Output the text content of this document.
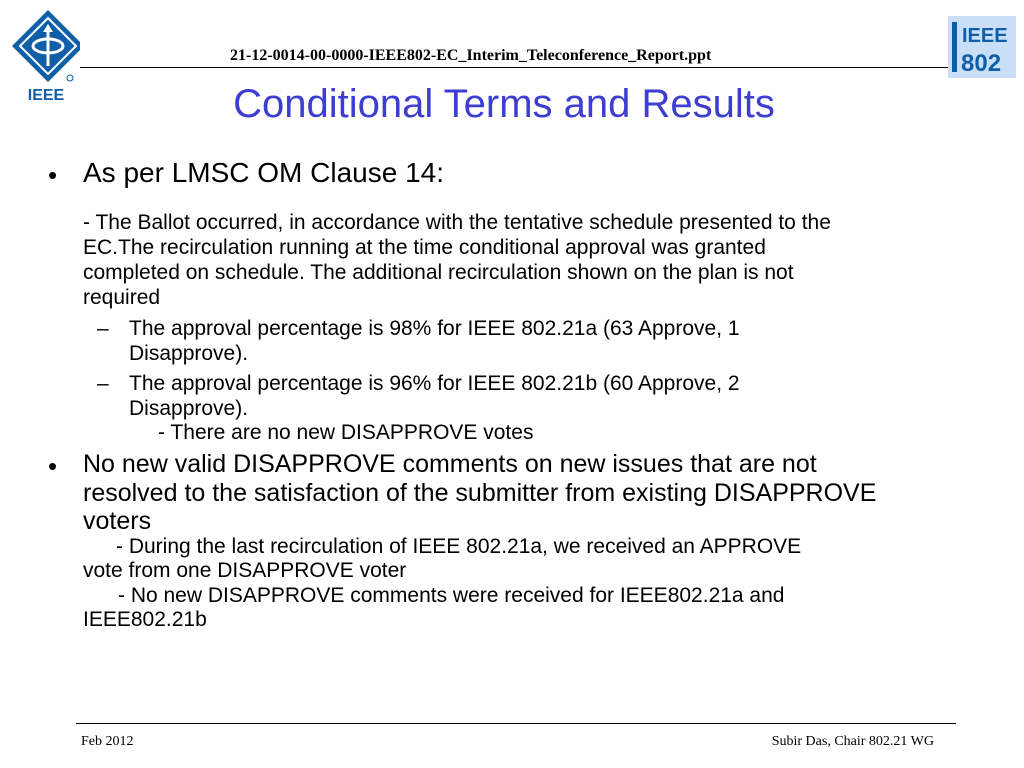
IEEE
21-12-0014-00-0000-IEEE802-EC_Interim_Teleconference_Report.ppt
IEEE
802
Conditional Terms and Results
• As per LMSC OM Clause 14:
- The Ballot occurred, in accordance with the tentative schedule presented to the
EC.The recirculation running at the time conditional approval was granted
completed on schedule. The additional recirculation shown on the plan is not
required
– The approval percentage is 98% for IEEE 802.21a (63 Approve, 1
Disapprove).
– The approval percentage is 96% for IEEE 802.21b (60 Approve, 2
Disapprove).
- There are no new DISAPPROVE votes
• No new valid DISAPPROVE comments on new issues that are not
resolved to the satisfaction of the submitter from existing DISAPPROVE
voters
- During the last recirculation of IEEE 802.21a, we received an APPROVE
vote from one DISAPPROVE voter
- No new DISAPPROVE comments were received for IEEE802.21a and
IEEE802.21b
Feb 2012	Subir Das, Chair 802.21 WG
